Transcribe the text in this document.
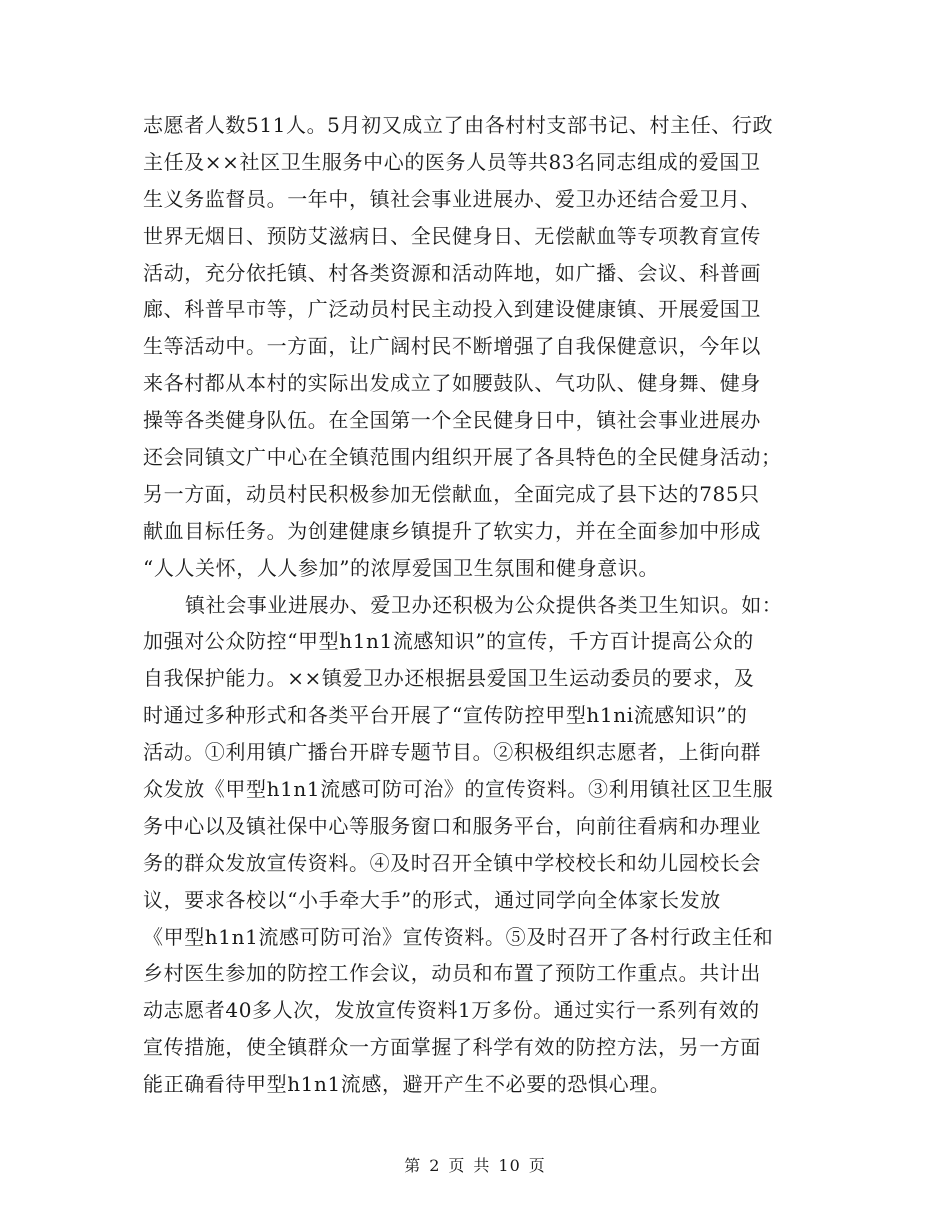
志愿者人数511人。5月初又成立了由各村村支部书记、村主任、行政
主任及××社区卫生服务中心的医务人员等共83名同志组成的爱国卫
生义务监督员。一年中，镇社会事业进展办、爱卫办还结合爱卫月、
世界无烟日、预防艾滋病日、全民健身日、无偿献血等专项教育宣传
活动，充分依托镇、村各类资源和活动阵地，如广播、会议、科普画
廊、科普早市等，广泛动员村民主动投入到建设健康镇、开展爱国卫
生等活动中。一方面，让广阔村民不断增强了自我保健意识，今年以
来各村都从本村的实际出发成立了如腰鼓队、气功队、健身舞、健身
操等各类健身队伍。在全国第一个全民健身日中，镇社会事业进展办
还会同镇文广中心在全镇范围内组织开展了各具特色的全民健身活动；
另一方面，动员村民积极参加无偿献血，全面完成了县下达的785只
献血目标任务。为创建健康乡镇提升了软实力，并在全面参加中形成
“人人关怀，人人参加”的浓厚爱国卫生氛围和健身意识。
镇社会事业进展办、爱卫办还积极为公众提供各类卫生知识。如：
加强对公众防控“甲型h1n1流感知识”的宣传，千方百计提高公众的
自我保护能力。××镇爱卫办还根据县爱国卫生运动委员的要求，及
时通过多种形式和各类平台开展了“宣传防控甲型h1ni流感知识”的
活动。①利用镇广播台开辟专题节目。②积极组织志愿者，上街向群
众发放《甲型h1n1流感可防可治》的宣传资料。③利用镇社区卫生服
务中心以及镇社保中心等服务窗口和服务平台，向前往看病和办理业
务的群众发放宣传资料。④及时召开全镇中学校校长和幼儿园校长会
议，要求各校以“小手牵大手”的形式，通过同学向全体家长发放
《甲型h1n1流感可防可治》宣传资料。⑤及时召开了各村行政主任和
乡村医生参加的防控工作会议，动员和布置了预防工作重点。共计出
动志愿者40多人次，发放宣传资料1万多份。通过实行一系列有效的
宣传措施，使全镇群众一方面掌握了科学有效的防控方法，另一方面
能正确看待甲型h1n1流感，避开产生不必要的恐惧心理。
第 2 页 共 10 页
